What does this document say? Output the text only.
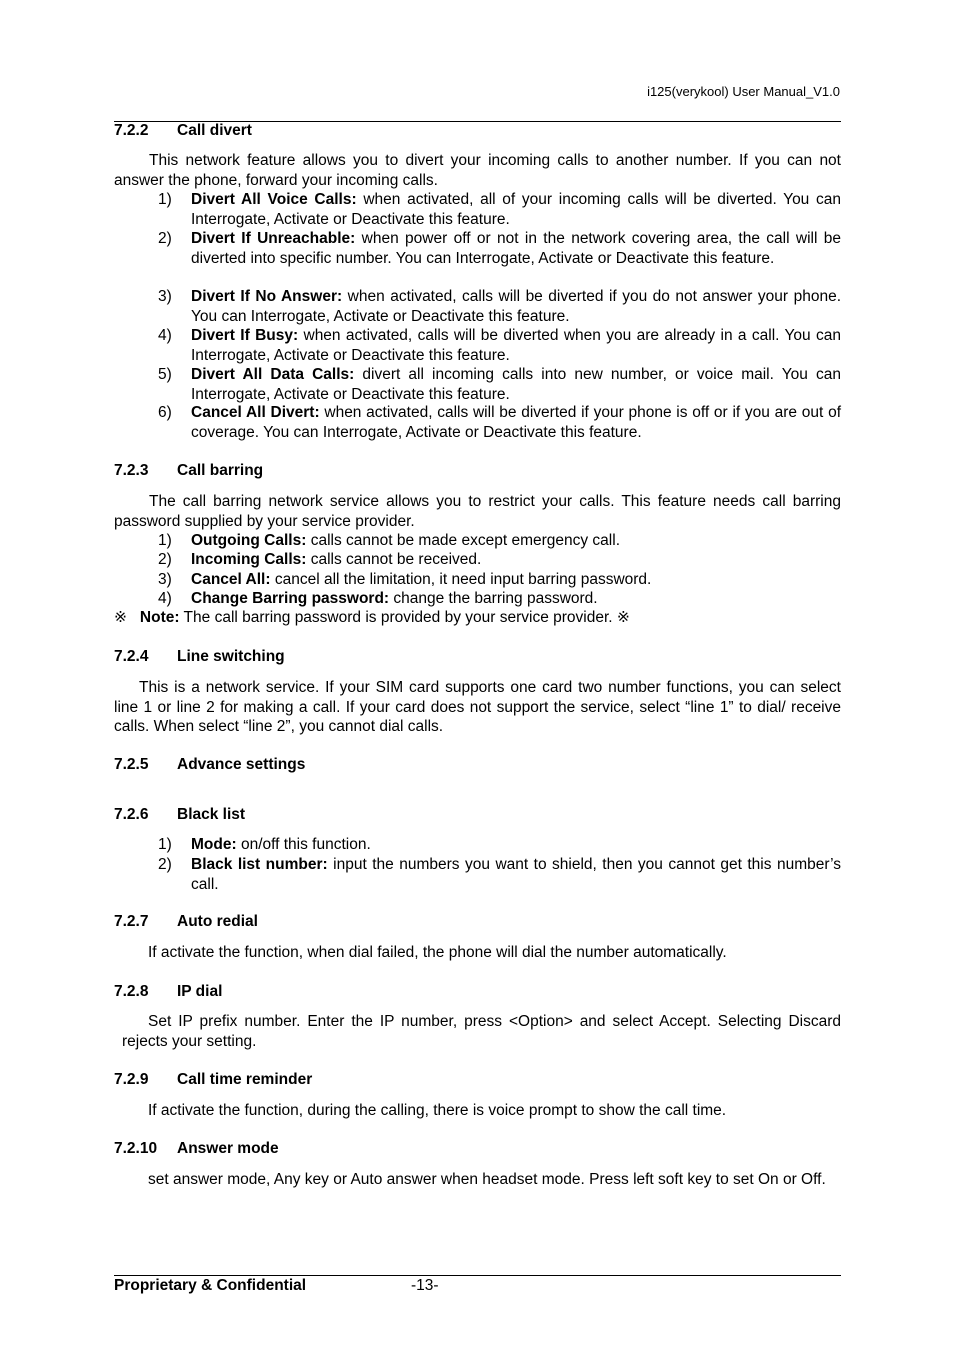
i125(verykool) User Manual_V1.0
7.2.2 Call divert
This network feature allows you to divert your incoming calls to another number. If you can not answer the phone, forward your incoming calls.
1) Divert All Voice Calls: when activated, all of your incoming calls will be diverted. You can Interrogate, Activate or Deactivate this feature.
2) Divert If Unreachable: when power off or not in the network covering area, the call will be diverted into specific number. You can Interrogate, Activate or Deactivate this feature.
3) Divert If No Answer: when activated, calls will be diverted if you do not answer your phone. You can Interrogate, Activate or Deactivate this feature.
4) Divert If Busy: when activated, calls will be diverted when you are already in a call. You can Interrogate, Activate or Deactivate this feature.
5) Divert All Data Calls: divert all incoming calls into new number, or voice mail. You can Interrogate, Activate or Deactivate this feature.
6) Cancel All Divert: when activated, calls will be diverted if your phone is off or if you are out of coverage. You can Interrogate, Activate or Deactivate this feature.
7.2.3 Call barring
The call barring network service allows you to restrict your calls. This feature needs call barring password supplied by your service provider.
1) Outgoing Calls: calls cannot be made except emergency call.
2) Incoming Calls: calls cannot be received.
3) Cancel All: cancel all the limitation, it need input barring password.
4) Change Barring password: change the barring password.
※ Note: The call barring password is provided by your service provider. ※
7.2.4 Line switching
This is a network service. If your SIM card supports one card two number functions, you can select line 1 or line 2 for making a call. If your card does not support the service, select “line 1” to dial/ receive calls. When select “line 2”, you cannot dial calls.
7.2.5 Advance settings
7.2.6 Black list
1) Mode: on/off this function.
2) Black list number: input the numbers you want to shield, then you cannot get this number’s call.
7.2.7 Auto redial
If activate the function, when dial failed, the phone will dial the number automatically.
7.2.8 IP dial
Set IP prefix number. Enter the IP number, press <Option> and select Accept. Selecting Discard rejects your setting.
7.2.9 Call time reminder
If activate the function, during the calling, there is voice prompt to show the call time.
7.2.10 Answer mode
set answer mode, Any key or Auto answer when headset mode. Press left soft key to set On or Off.
Proprietary & Confidential	-13-
